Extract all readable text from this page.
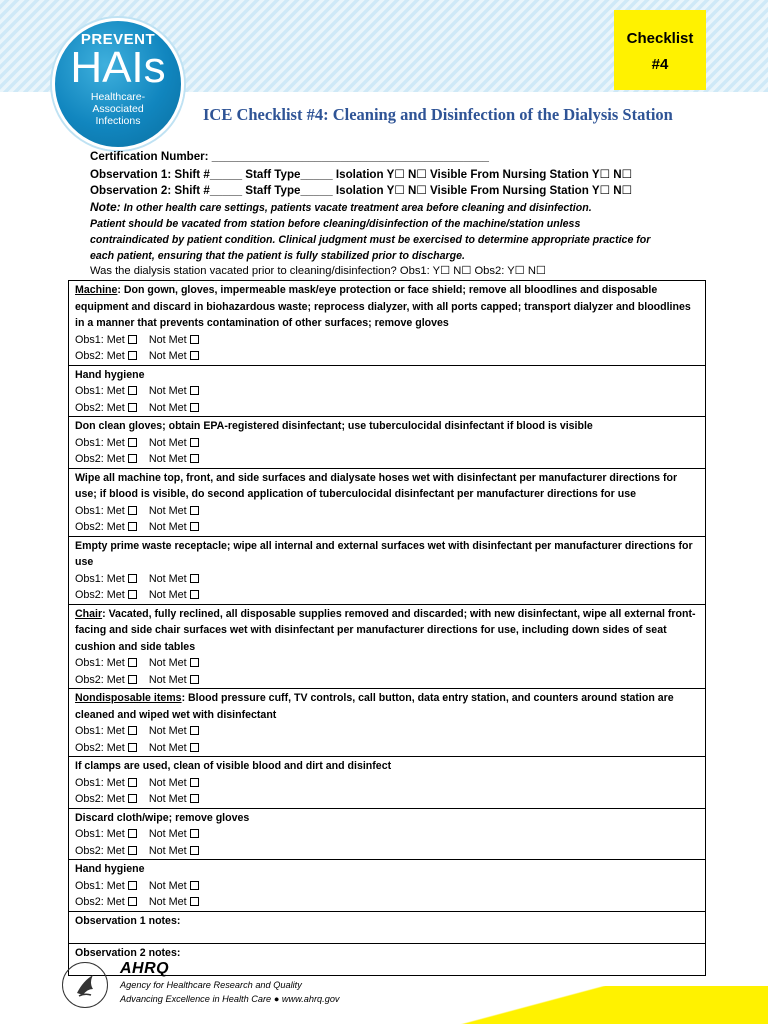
PREVENT
HAIs
Healthcare-
Associated
Infections
Checklist
#4
ICE Checklist #4: Cleaning and Disinfection of the Dialysis Station
Certification Number: ___________________________________________
Observation 1: Shift #_____ Staff Type_____ Isolation Y☐ N☐ Visible From Nursing Station Y☐ N☐
Observation 2: Shift #_____ Staff Type_____ Isolation Y☐ N☐ Visible From Nursing Station Y☐ N☐
Note: In other health care settings, patients vacate treatment area before cleaning and disinfection.
Patient should be vacated from station before cleaning/disinfection of the machine/station unless
contraindicated by patient condition. Clinical judgment must be exercised to determine appropriate practice for
each patient, ensuring that the patient is fully stabilized prior to discharge.
Was the dialysis station vacated prior to cleaning/disinfection? Obs1: Y☐ N☐ Obs2: Y☐ N☐
Machine: Don gown, gloves, impermeable mask/eye protection or face shield; remove all bloodlines and disposable equipment and discard in biohazardous waste; reprocess dialyzer, with all ports capped; transport dialyzer and bloodlines in a manner that prevents contamination of other surfaces; remove gloves
Obs1: Met Not Met
Obs2: Met Not Met
Hand hygiene
Obs1: Met Not Met
Obs2: Met Not Met
Don clean gloves; obtain EPA-registered disinfectant; use tuberculocidal disinfectant if blood is visible
Obs1: Met Not Met
Obs2: Met Not Met
Wipe all machine top, front, and side surfaces and dialysate hoses wet with disinfectant per manufacturer directions for use; if blood is visible, do second application of tuberculocidal disinfectant per manufacturer directions for use
Obs1: Met Not Met
Obs2: Met Not Met
Empty prime waste receptacle; wipe all internal and external surfaces wet with disinfectant per manufacturer directions for use
Obs1: Met Not Met
Obs2: Met Not Met
Chair: Vacated, fully reclined, all disposable supplies removed and discarded; with new disinfectant, wipe all external front-facing and side chair surfaces wet with disinfectant per manufacturer directions for use, including down sides of seat cushion and side tables
Obs1: Met Not Met
Obs2: Met Not Met
Nondisposable items: Blood pressure cuff, TV controls, call button, data entry station, and counters around station are cleaned and wiped wet with disinfectant
Obs1: Met Not Met
Obs2: Met Not Met
If clamps are used, clean of visible blood and dirt and disinfect
Obs1: Met Not Met
Obs2: Met Not Met
Discard cloth/wipe; remove gloves
Obs1: Met Not Met
Obs2: Met Not Met
Hand hygiene
Obs1: Met Not Met
Obs2: Met Not Met
Observation 1 notes:
Observation 2 notes:
AHRQ
Agency for Healthcare Research and Quality
Advancing Excellence in Health Care ● www.ahrq.gov
